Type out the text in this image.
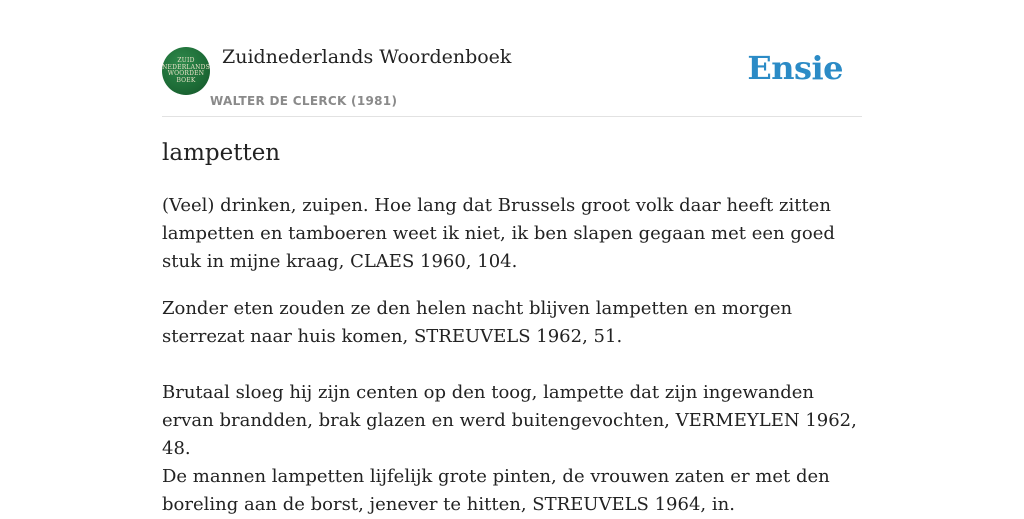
ZUID
NEDERLANDS
WOORDEN
BOEK
Zuidnederlands Woordenboek
WALTER DE CLERCK (1981)
Ensie
lampetten
(Veel) drinken, zuipen. Hoe lang dat Brussels groot volk daar heeft zitten lampetten en tamboeren weet ik niet, ik ben slapen gegaan met een goed stuk in mijne kraag, CLAES 1960, 104.
Zonder eten zouden ze den helen nacht blijven lampetten en morgen sterrezat naar huis komen, STREUVELS 1962, 51.
Brutaal sloeg hij zijn centen op den toog, lampette dat zijn ingewanden ervan brandden, brak glazen en werd buitengevochten, VERMEYLEN 1962, 48.
De mannen lampetten lijfelijk grote pinten, de vrouwen zaten er met den boreling aan de borst, jenever te hitten, STREUVELS 1964, in.
